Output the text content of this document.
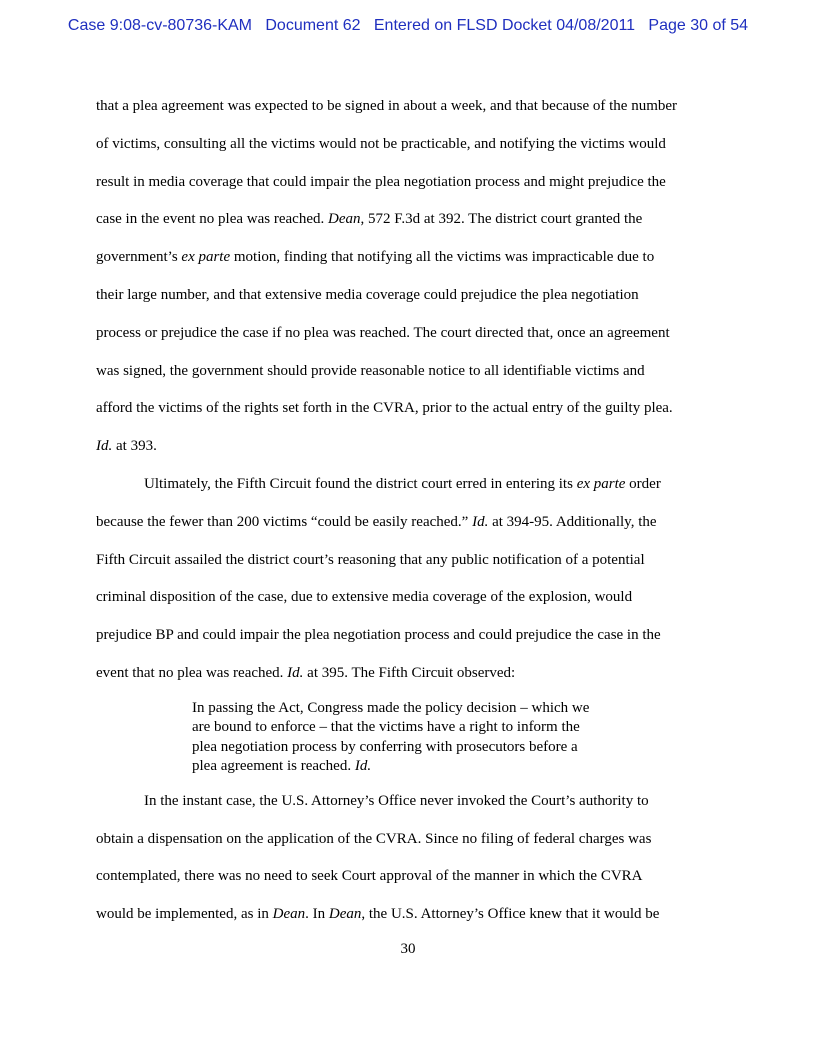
Case 9:08-cv-80736-KAM Document 62 Entered on FLSD Docket 04/08/2011 Page 30 of 54
that a plea agreement was expected to be signed in about a week, and that because of the number
of victims, consulting all the victims would not be practicable, and notifying the victims would
result in media coverage that could impair the plea negotiation process and might prejudice the
case in the event no plea was reached. Dean, 572 F.3d at 392. The district court granted the
government’s ex parte motion, finding that notifying all the victims was impracticable due to
their large number, and that extensive media coverage could prejudice the plea negotiation
process or prejudice the case if no plea was reached. The court directed that, once an agreement
was signed, the government should provide reasonable notice to all identifiable victims and
afford the victims of the rights set forth in the CVRA, prior to the actual entry of the guilty plea.
Id. at 393.
Ultimately, the Fifth Circuit found the district court erred in entering its ex parte order
because the fewer than 200 victims “could be easily reached.” Id. at 394-95. Additionally, the
Fifth Circuit assailed the district court’s reasoning that any public notification of a potential
criminal disposition of the case, due to extensive media coverage of the explosion, would
prejudice BP and could impair the plea negotiation process and could prejudice the case in the
event that no plea was reached. Id. at 395. The Fifth Circuit observed:
In passing the Act, Congress made the policy decision – which we
are bound to enforce – that the victims have a right to inform the
plea negotiation process by conferring with prosecutors before a
plea agreement is reached. Id.
In the instant case, the U.S. Attorney’s Office never invoked the Court’s authority to
obtain a dispensation on the application of the CVRA. Since no filing of federal charges was
contemplated, there was no need to seek Court approval of the manner in which the CVRA
would be implemented, as in Dean. In Dean, the U.S. Attorney’s Office knew that it would be
30
